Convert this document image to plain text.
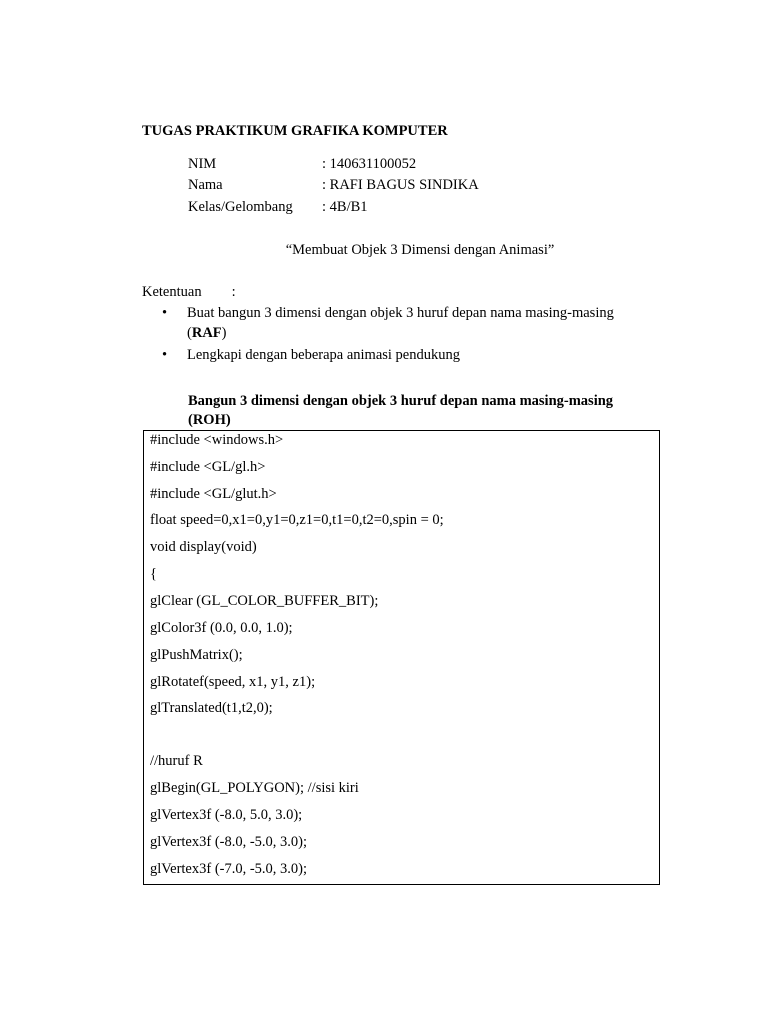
TUGAS PRAKTIKUM GRAFIKA KOMPUTER
NIM	: 140631100052
Nama	: RAFI BAGUS SINDIKA
Kelas/Gelombang : 4B/B1
“Membuat Objek 3 Dimensi dengan Animasi”
Ketentuan :
• Buat bangun 3 dimensi dengan objek 3 huruf depan nama masing-masing
(RAF)
• Lengkapi dengan beberapa animasi pendukung
Bangun 3 dimensi dengan objek 3 huruf depan nama masing-masing (ROH)
#include <windows.h>
#include <GL/gl.h>
#include <GL/glut.h>
float speed=0,x1=0,y1=0,z1=0,t1=0,t2=0,spin = 0;
void display(void)
{
glClear (GL_COLOR_BUFFER_BIT);
glColor3f (0.0, 0.0, 1.0);
glPushMatrix();
glRotatef(speed, x1, y1, z1);
glTranslated(t1,t2,0);
//huruf R
glBegin(GL_POLYGON); //sisi kiri
glVertex3f (-8.0, 5.0, 3.0);
glVertex3f (-8.0, -5.0, 3.0);
glVertex3f (-7.0, -5.0, 3.0);
